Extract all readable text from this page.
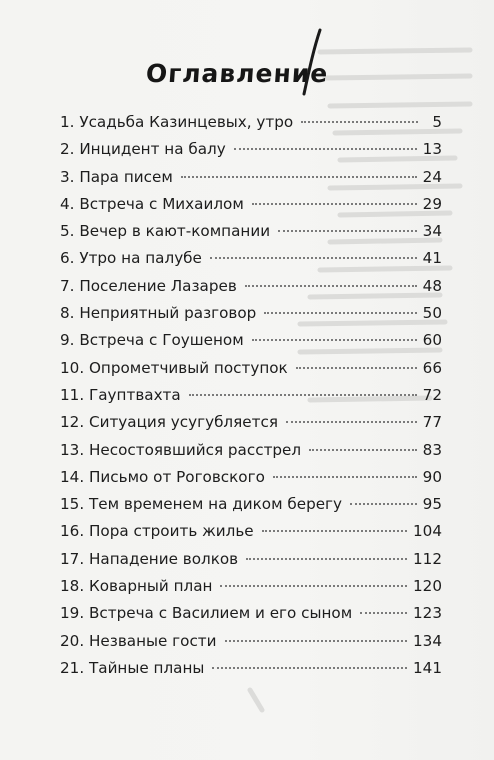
Оглавление
1. Усадьба Казинцевых, утро	5
2. Инцидент на балу	13
3. Пара писем	24
4. Встреча с Михаилом	29
5. Вечер в кают-компании	34
6. Утро на палубе	41
7. Поселение Лазарев	48
8. Неприятный разговор	50
9. Встреча с Гоушеном	60
10. Опрометчивый поступок	66
11. Гауптвахта	72
12. Ситуация усугубляется	77
13. Несостоявшийся расстрел	83
14. Письмо от Роговского	90
15. Тем временем на диком берегу	95
16. Пора строить жилье	104
17. Нападение волков	112
18. Коварный план	120
19. Встреча с Василием и его сыном	123
20. Незваные гости	134
21. Тайные планы	141
